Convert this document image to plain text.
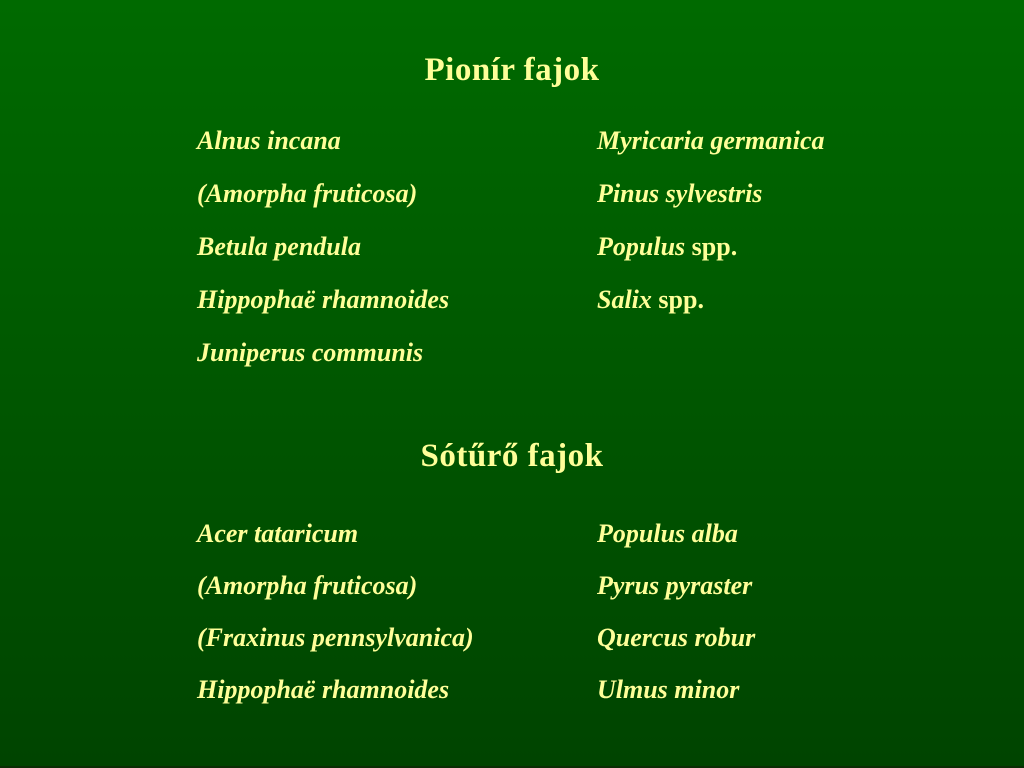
Pionír fajok
Alnus incana
(Amorpha fruticosa)
Betula pendula
Hippophaë rhamnoides
Juniperus communis
Myricaria germanica
Pinus sylvestris
Populus spp.
Salix spp.
Sótűrő fajok
Acer tataricum
(Amorpha fruticosa)
(Fraxinus pennsylvanica)
Hippophaë rhamnoides
Populus alba
Pyrus pyraster
Quercus robur
Ulmus minor
